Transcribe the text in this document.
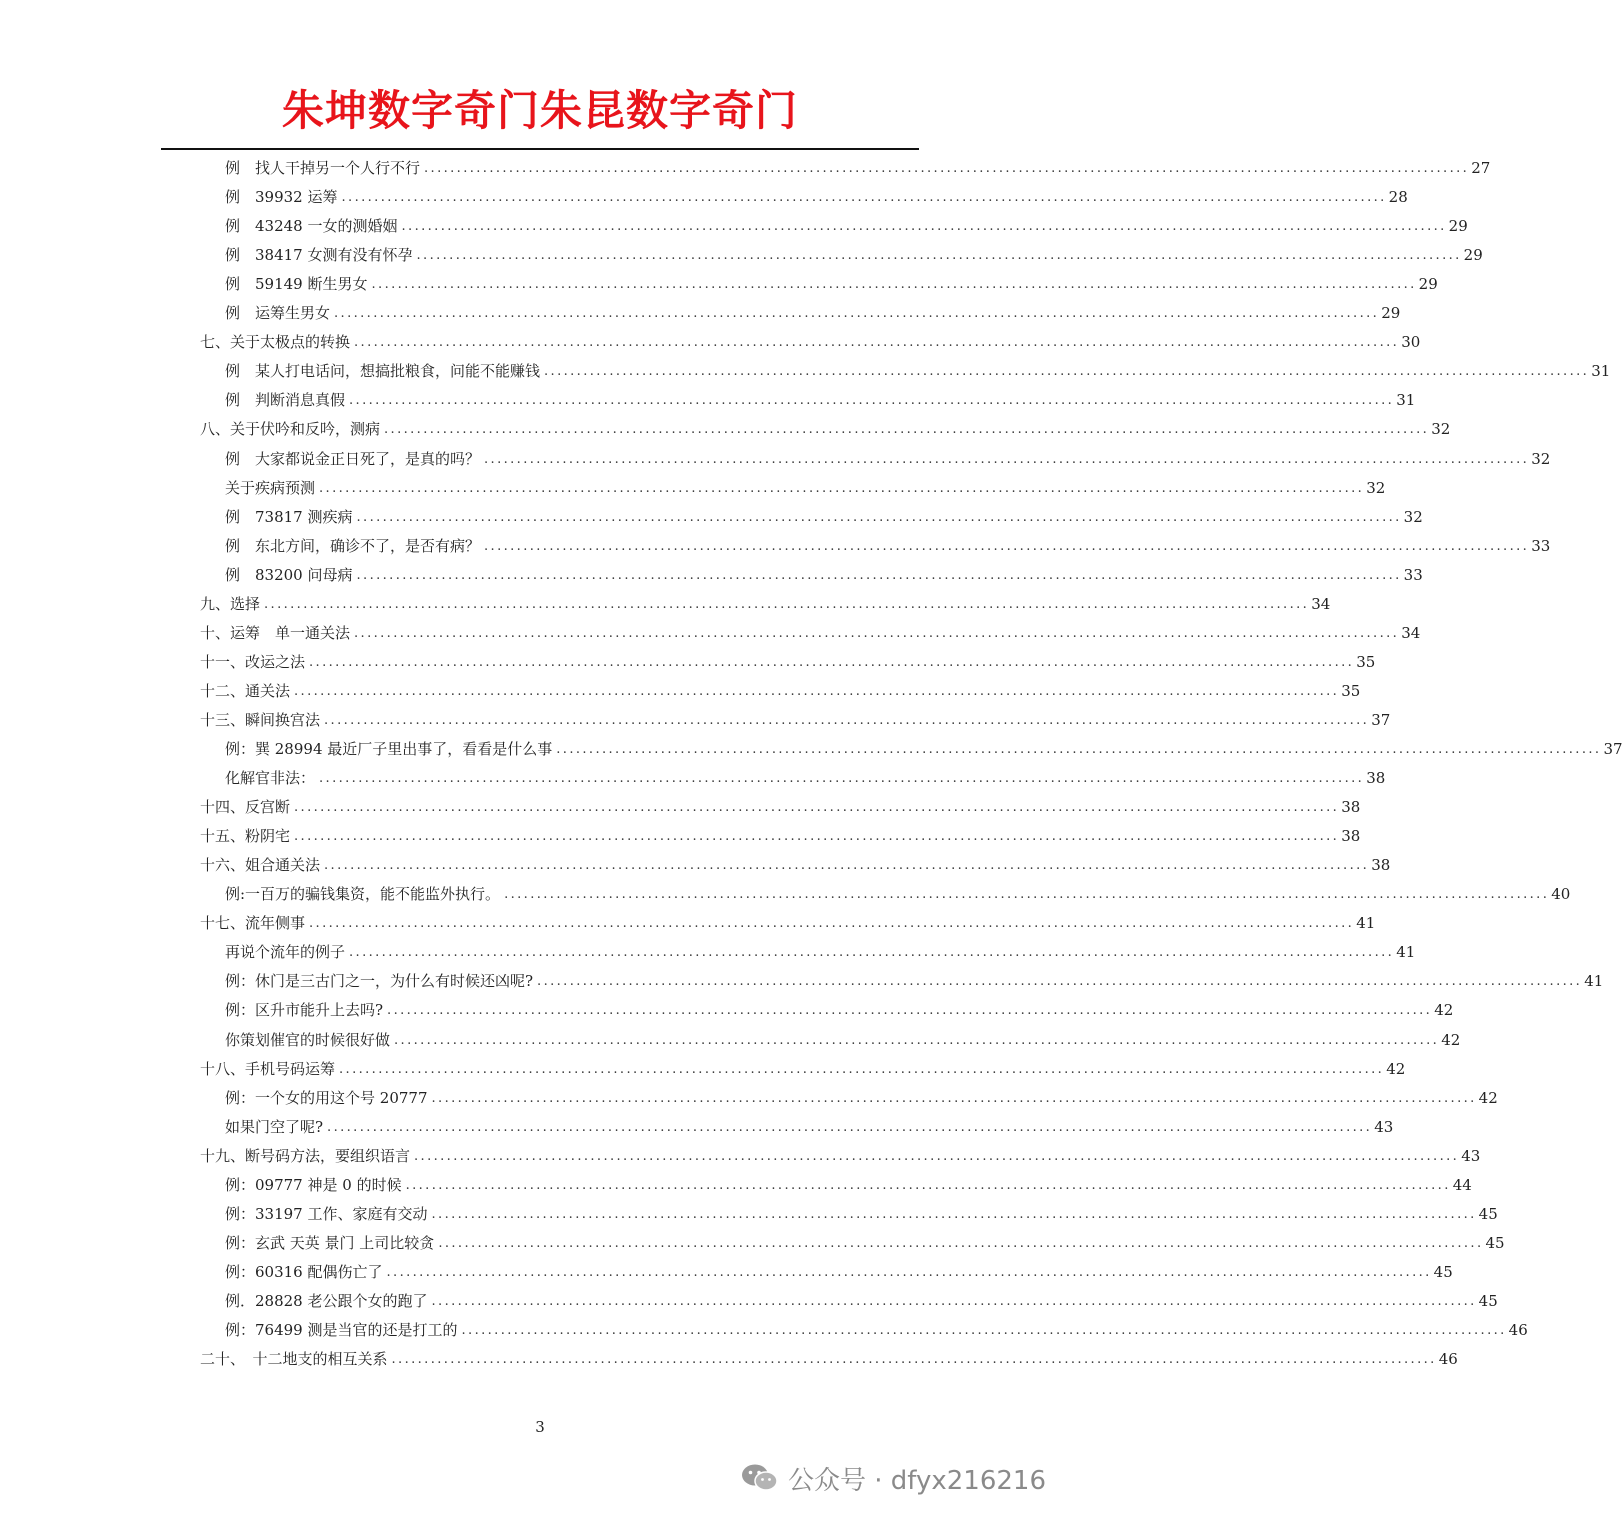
朱坤数字奇门朱昆数字奇门
例　找人干掉另一个人行不行 ................................................................................................................................................................ 27
例　39932 运筹 ................................................................................................................................................................ 28
例　43248 一女的测婚姻 ................................................................................................................................................................ 29
例　38417 女测有没有怀孕 ................................................................................................................................................................ 29
例　59149 断生男女 ................................................................................................................................................................ 29
例　运筹生男女 ................................................................................................................................................................ 29
七、关于太极点的转换 ................................................................................................................................................................ 30
例　某人打电话问，想搞批粮食，问能不能赚钱 ................................................................................................................................................................ 31
例　判断消息真假 ................................................................................................................................................................ 31
八、关于伏吟和反吟，测病 ................................................................................................................................................................ 32
例　大家都说金正日死了，是真的吗？ ................................................................................................................................................................ 32
关于疾病预测 ................................................................................................................................................................ 32
例　73817 测疾病 ................................................................................................................................................................ 32
例　东北方间，确诊不了，是否有病？ ................................................................................................................................................................ 33
例　83200 问母病 ................................................................................................................................................................ 33
九、选择 ................................................................................................................................................................ 34
十、运筹　单一通关法 ................................................................................................................................................................ 34
十一、改运之法 ................................................................................................................................................................ 35
十二、通关法 ................................................................................................................................................................ 35
十三、瞬间换宫法 ................................................................................................................................................................ 37
例：巽 28994 最近厂子里出事了，看看是什么事 ................................................................................................................................................................ 37
化解官非法： ................................................................................................................................................................ 38
十四、反宫断 ................................................................................................................................................................ 38
十五、粉阴宅 ................................................................................................................................................................ 38
十六、姐合通关法 ................................................................................................................................................................ 38
例:一百万的骗钱集资，能不能监外执行。 ................................................................................................................................................................ 40
十七、流年侧事 ................................................................................................................................................................ 41
再说个流年的例子 ................................................................................................................................................................ 41
例：休门是三古门之一，为什么有时候还凶呢? ................................................................................................................................................................ 41
例：区升市能升上去吗? ................................................................................................................................................................ 42
你策划催官的时候很好做 ................................................................................................................................................................ 42
十八、手机号码运筹 ................................................................................................................................................................ 42
例：一个女的用这个号 20777 ................................................................................................................................................................ 42
如果门空了呢? ................................................................................................................................................................ 43
十九、断号码方法，要组织语言 ................................................................................................................................................................ 43
例：09777 神是 0 的时候 ................................................................................................................................................................ 44
例：33197 工作、家庭有交动 ................................................................................................................................................................ 45
例：玄武 天英 景门 上司比较贪 ................................................................................................................................................................ 45
例：60316 配偶伤亡了 ................................................................................................................................................................ 45
例．28828 老公跟个女的跑了 ................................................................................................................................................................ 45
例：76499 测是当官的还是打工的 ................................................................................................................................................................ 46
二十、　十二地支的相互关系 ................................................................................................................................................................ 46
3
公众号 · dfyx216216
